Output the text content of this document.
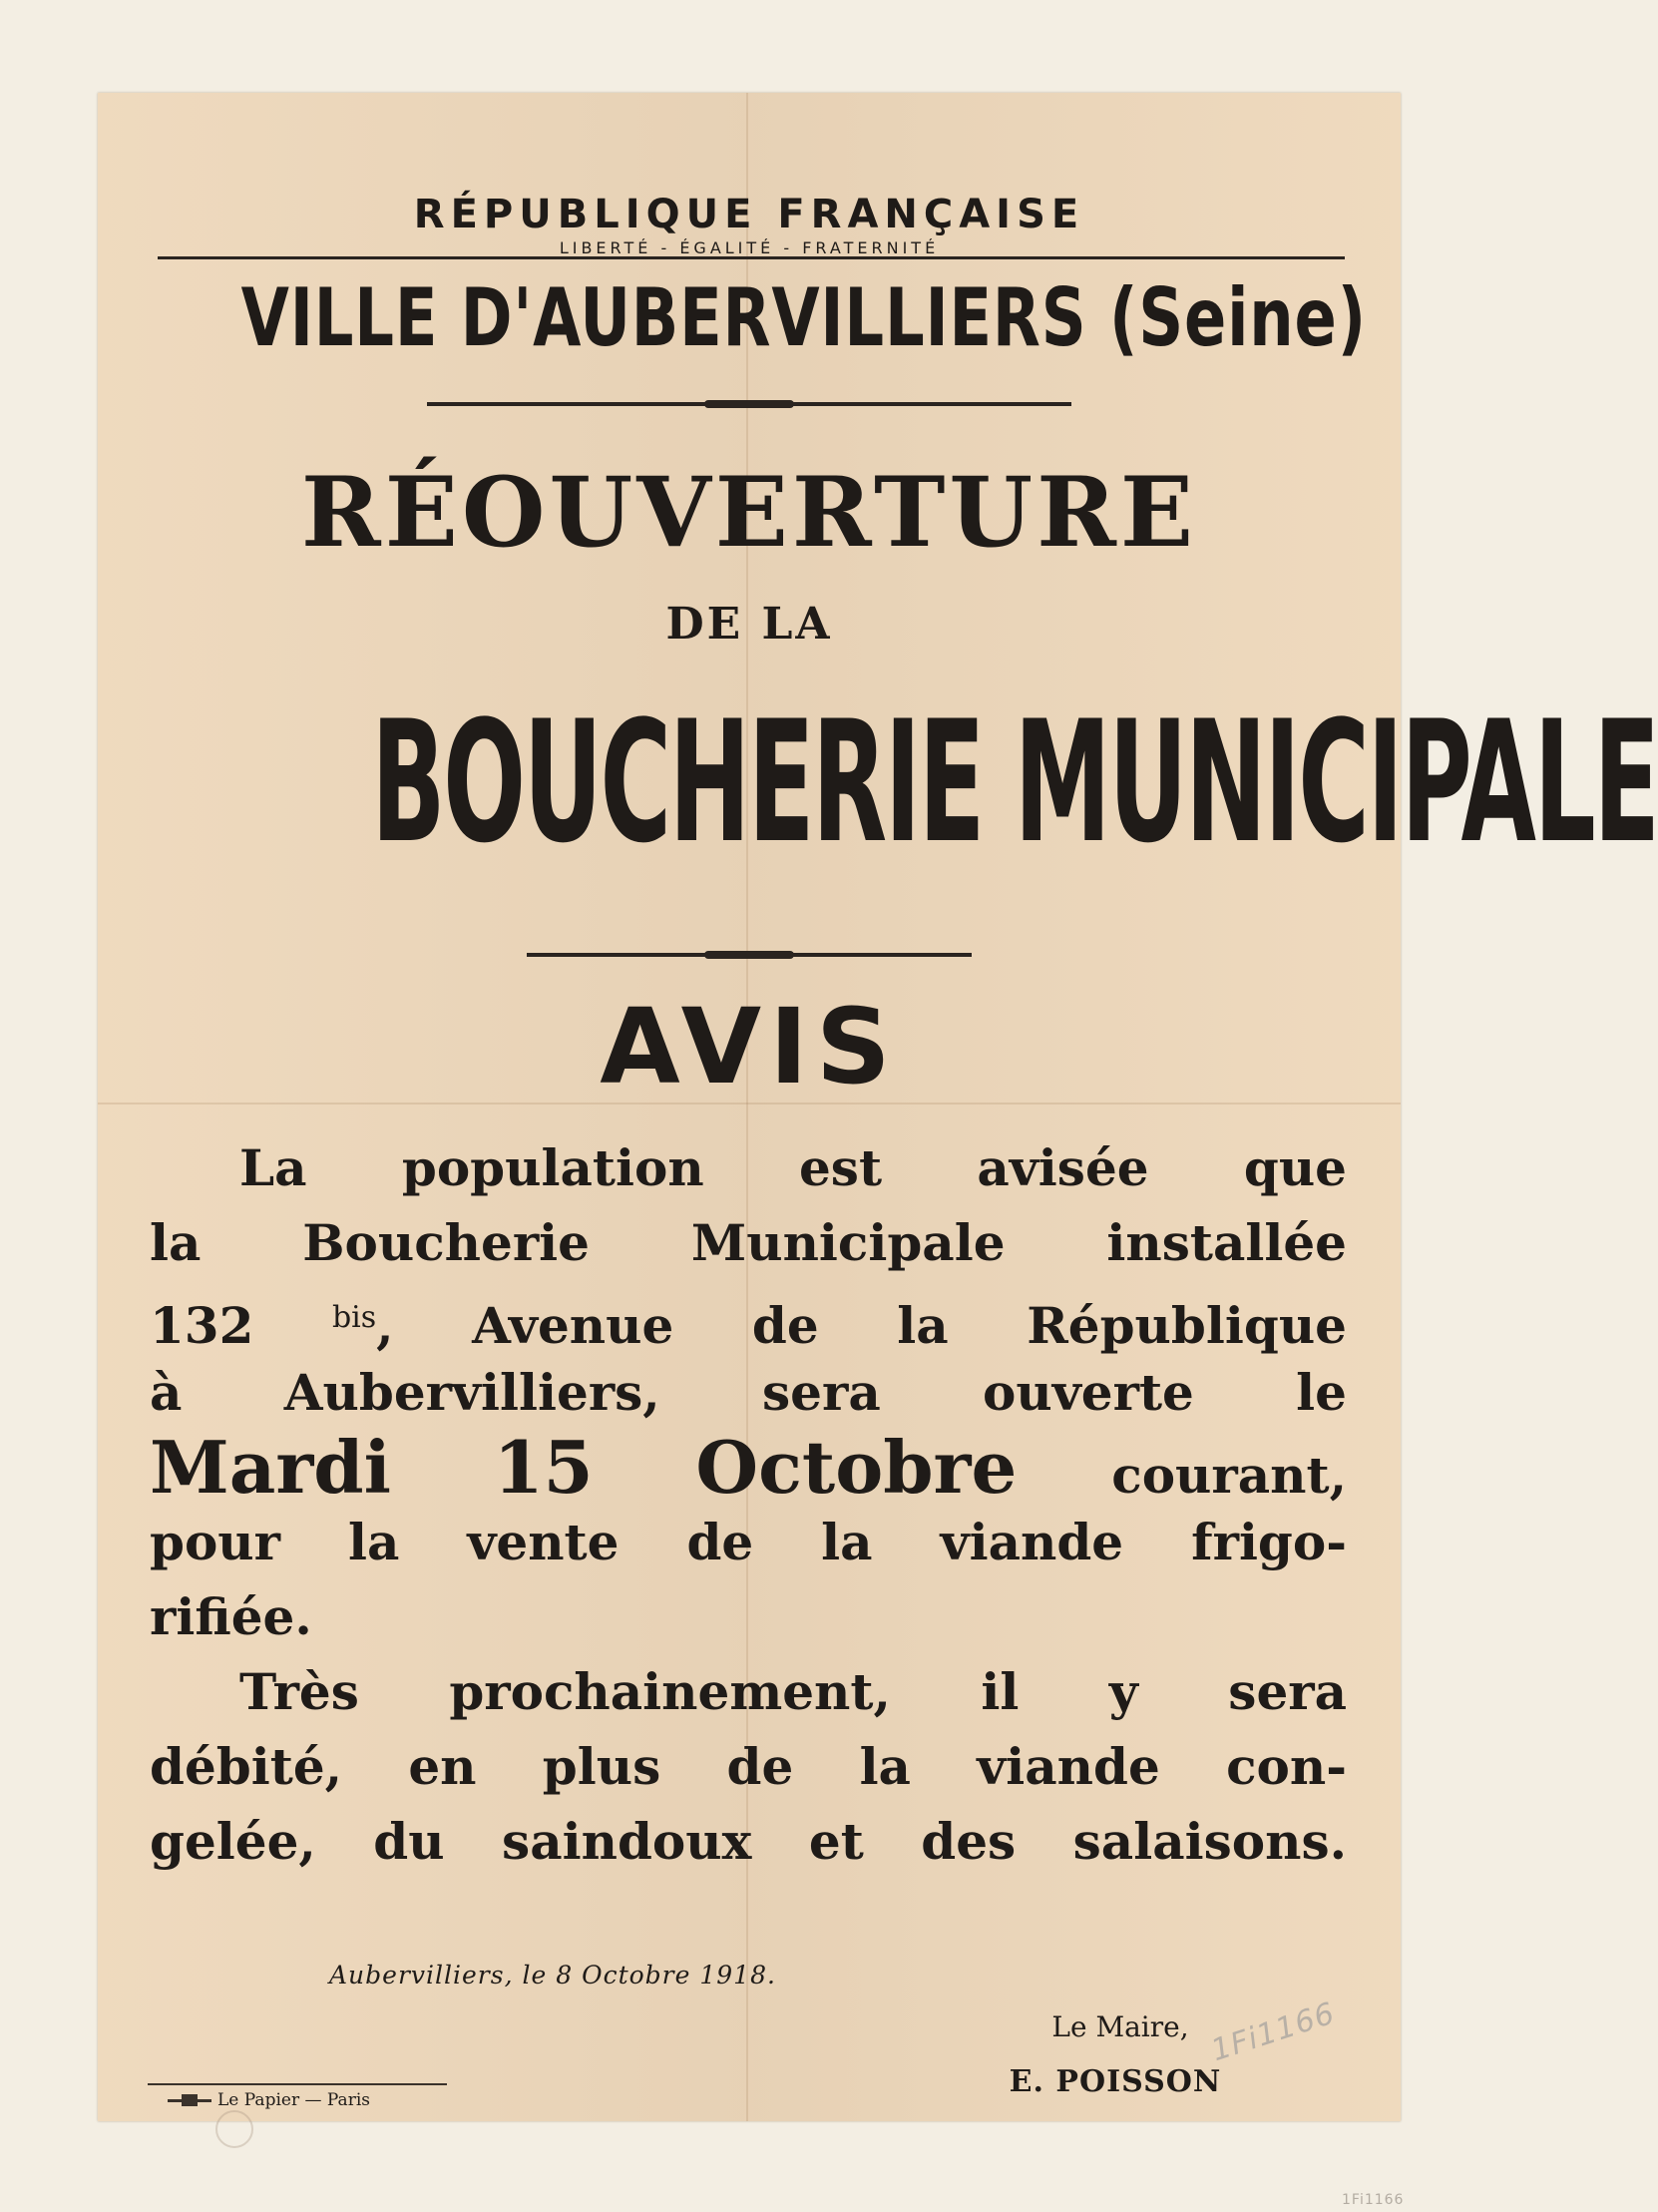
RÉPUBLIQUE FRANÇAISE

LIBERTÉ - ÉGALITÉ - FRATERNITÉ

VILLE D'AUBERVILLIERS (Seine)

RÉOUVERTURE

DE LA

BOUCHERIE MUNICIPALE

AVIS

La population est avisée que
la Boucherie Municipale installée
132	$^{bis}$, Avenue de la République
à Aubervilliers, sera ouverte le
Mardi 15 Octobre courant,
pour la vente de la viande frigo-
rifiée.
Très prochainement, il y sera
débité, en plus de la viande con-
gelée, du saindoux et des salaisons.
Aubervilliers, le 8 Octobre 1918.
Le Maire,
E. POISSON
Le Papier — Paris
1Fi1166
1Fi1166
